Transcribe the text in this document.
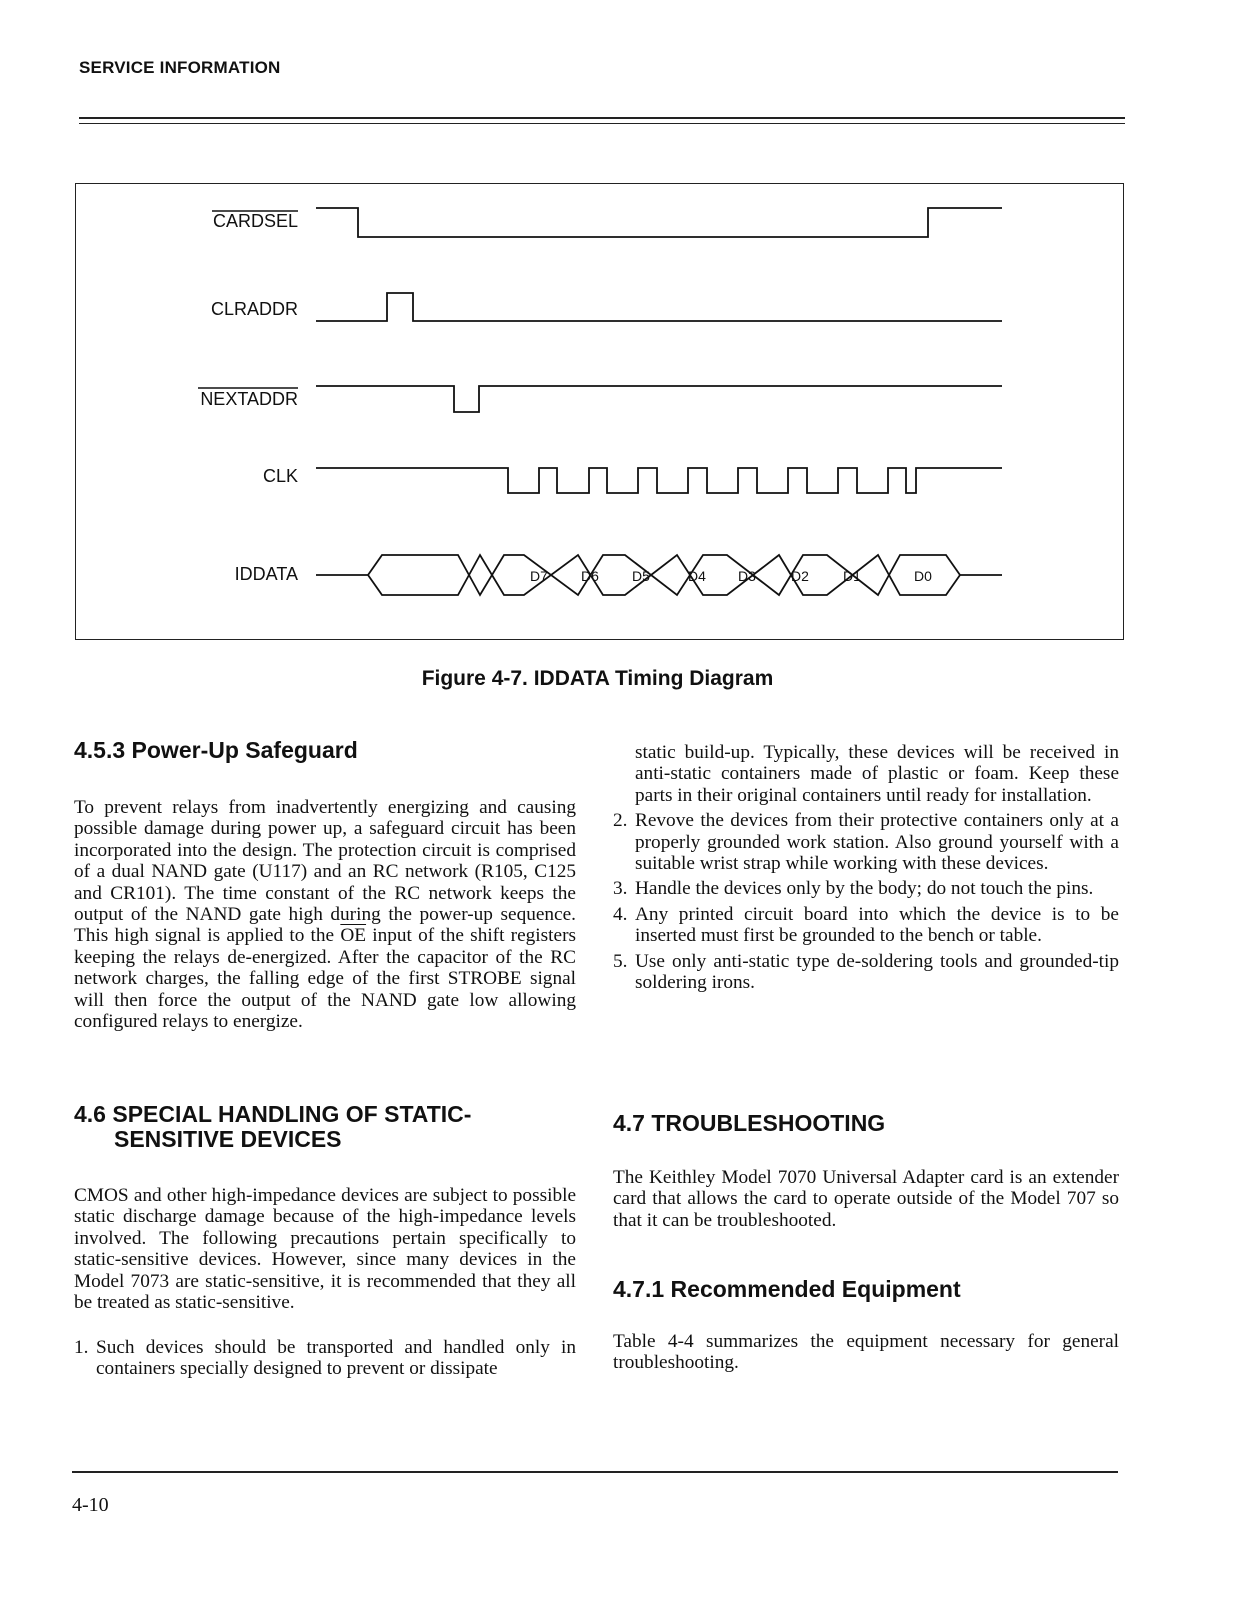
SERVICE INFORMATION
CARDSEL
CLRADDR
NEXTADDR
CLK
IDDATA	D7 D6 D5	D4 D3	D2 D1	D0
Figure 4-7. IDDATA Timing Diagram
4.5.3 Power-Up Safeguard

To prevent relays from inadvertently energizing and causing possible damage during power up, a safeguard circuit has been incorporated into the design. The protection circuit is comprised of a dual NAND gate (U117) and an RC network (R105, C125 and CR101). The time constant of the RC network keeps the output of the NAND gate high during the power-up sequence. This high signal is applied to the $\overline{OE}$ input of the shift registers keeping the relays de-energized. After the capacitor of the RC network charges, the falling edge of the first STROBE signal will then force the output of the NAND gate low allowing configured relays to energize.

4.6 SPECIAL HANDLING OF STATIC-
SENSITIVE DEVICES

CMOS and other high-impedance devices are subject to possible static discharge damage because of the high-impedance levels involved. The following precautions pertain specifically to static-sensitive devices. However, since many devices in the Model 7073 are static-sensitive, it is recommended that they all be treated as static-sensitive.

1. Such devices should be transported and handled only in containers specially designed to prevent or dissipate
static build-up. Typically, these devices will be received in anti-static containers made of plastic or foam. Keep these parts in their original containers until ready for installation.
2. Revove the devices from their protective containers only at a properly grounded work station. Also ground yourself with a suitable wrist strap while working with these devices.
3. Handle the devices only by the body; do not touch the pins.
4. Any printed circuit board into which the device is to be inserted must first be grounded to the bench or table.
5. Use only anti-static type de-soldering tools and grounded-tip soldering irons.
4.7 TROUBLESHOOTING

The Keithley Model 7070 Universal Adapter card is an extender card that allows the card to operate outside of the Model 707 so that it can be troubleshooted.

4.7.1 Recommended Equipment

Table 4-4 summarizes the equipment necessary for general troubleshooting.

4-10
